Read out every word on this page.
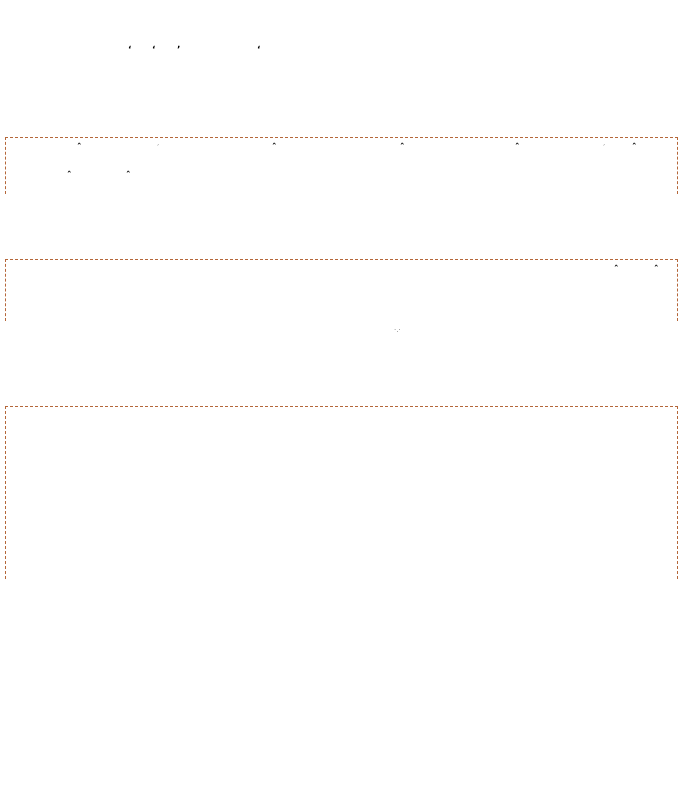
ʻ ʻ ʼ	ʻ
ˆ	ˊ	ˆ	ˆ	ˆ	ˊ	ˆ
ˆ	ˆ
ˆ	ˆ
·.·
